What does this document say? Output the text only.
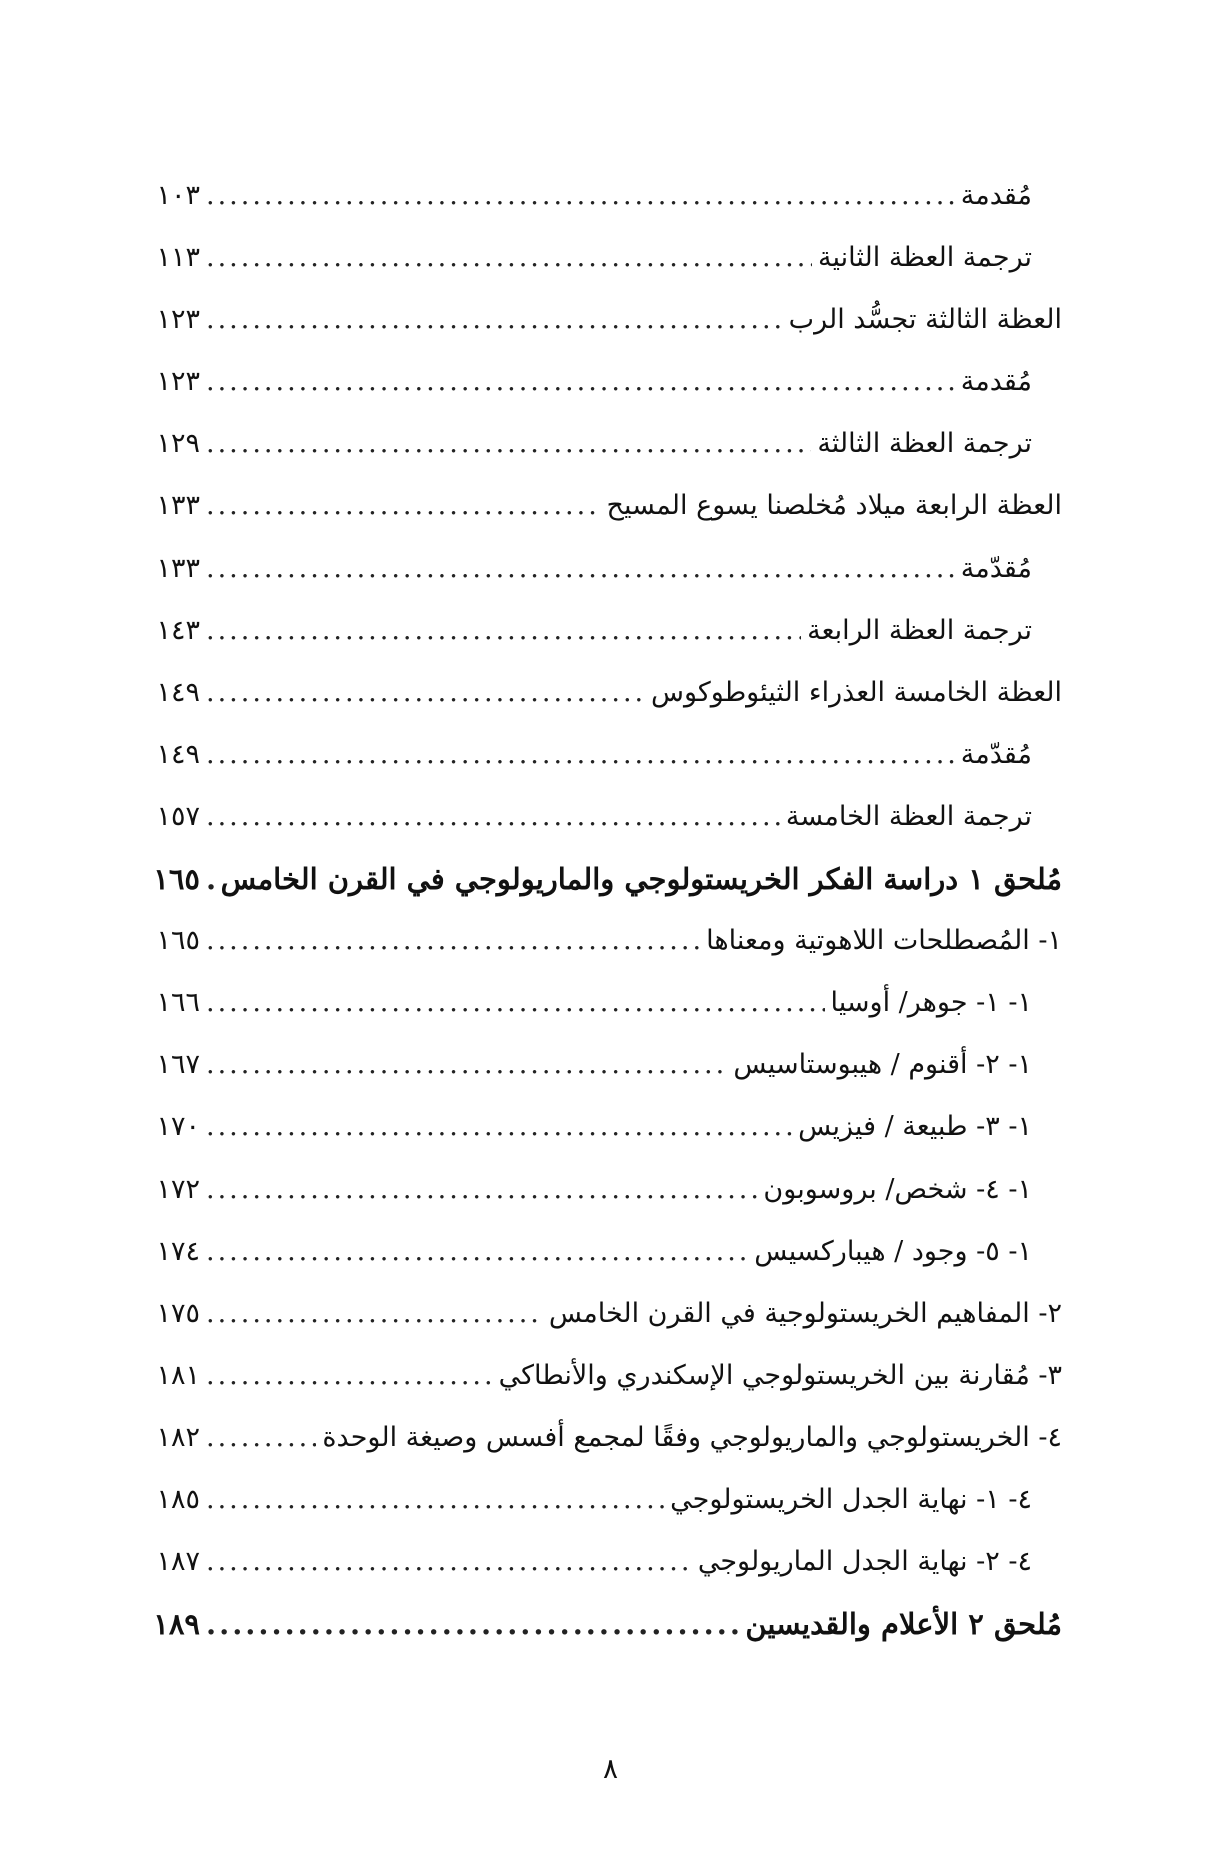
مُقدمة
.....
١٠٣
ترجمة العظة الثانية
.....
١١٣
العظة الثالثة تجسُّد الرب
.....
١٢٣
مُقدمة
.....
١٢٣
ترجمة العظة الثالثة
.....
١٢٩
العظة الرابعة ميلاد مُخلصنا يسوع المسيح
.....
١٣٣
مُقدّمة
.....
١٣٣
ترجمة العظة الرابعة
.....
١٤٣
العظة الخامسة العذراء الثيئوطوكوس
.....
١٤٩
مُقدّمة
.....
١٤٩
ترجمة العظة الخامسة
.....
١٥٧
مُلحق ١ دراسة الفكر الخريستولوجي والماريولوجي في القرن الخامس
.....
١٦٥
١- المُصطلحات اللاهوتية ومعناها
.....
١٦٥
١- ١- جوهر/ أوسيا
.....
١٦٦
١- ٢- أقنوم / هيبوستاسيس
.....
١٦٧
١- ٣- طبيعة / فيزيس
.....
١٧٠
١- ٤- شخص/ بروسوبون
.....
١٧٢
١- ٥- وجود / هيباركسيس
.....
١٧٤
٢- المفاهيم الخريستولوجية في القرن الخامس
.....
١٧٥
٣- مُقارنة بين الخريستولوجي الإسكندري والأنطاكي
.....
١٨١
٤- الخريستولوجي والماريولوجي وفقًا لمجمع أفسس وصيغة الوحدة
.....
١٨٢
٤- ١- نهاية الجدل الخريستولوجي
.....
١٨٥
٤- ٢- نهاية الجدل الماريولوجي
.....
١٨٧
مُلحق ٢ الأعلام والقديسين
.....
١٨٩
٨
